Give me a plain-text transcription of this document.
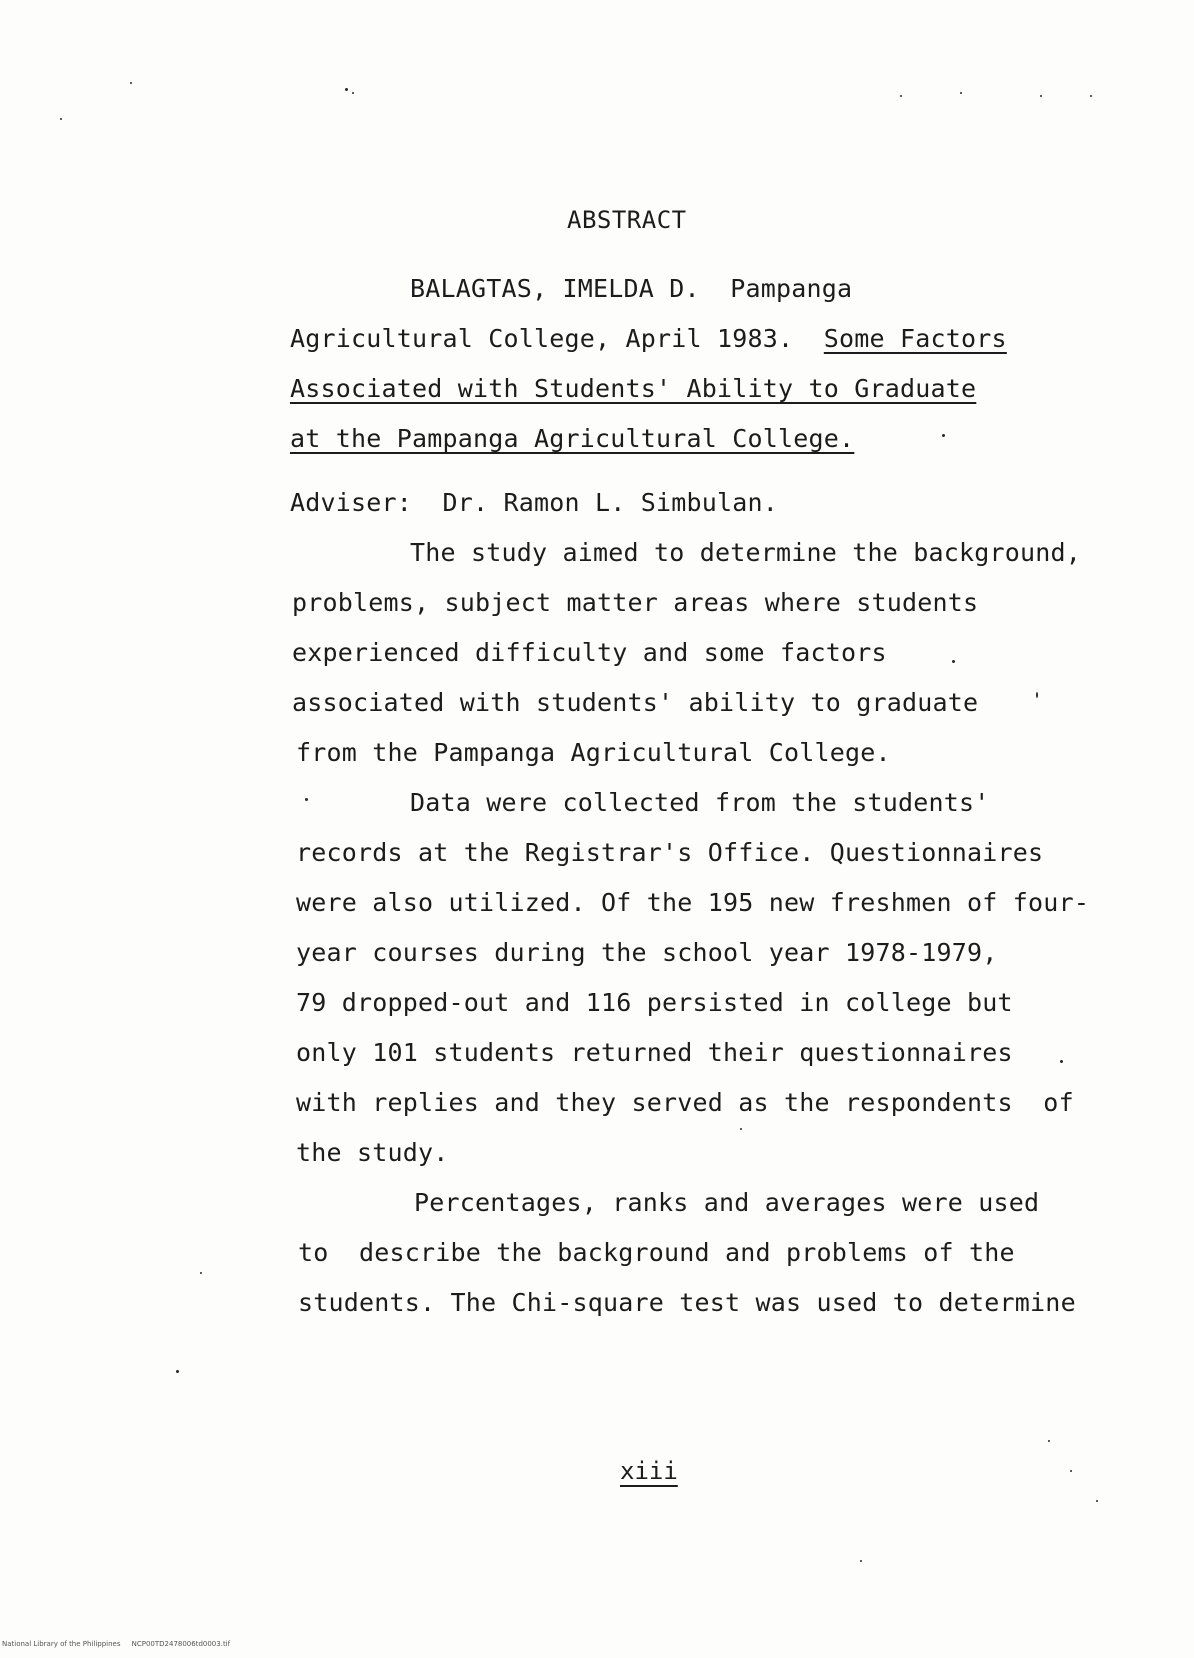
ABSTRACT
BALAGTAS, IMELDA D.  Pampanga
Agricultural College, April 1983.  Some Factors
Associated with Students' Ability to Graduate
at the Pampanga Agricultural College.
Adviser:  Dr. Ramon L. Simbulan.
The study aimed to determine the background,
problems, subject matter areas where students
experienced difficulty and some factors
associated with students' ability to graduate
from the Pampanga Agricultural College.
Data were collected from the students'
records at the Registrar's Office. Questionnaires
were also utilized. Of the 195 new freshmen of four-
year courses during the school year 1978-1979,
79 dropped-out and 116 persisted in college but
only 101 students returned their questionnaires
with replies and they served as the respondents  of
the study.
Percentages, ranks and averages were used
to  describe the background and problems of the
students. The Chi-square test was used to determine
xiii
National Library of the Philippines     NCP00TD2478006td0003.tif
